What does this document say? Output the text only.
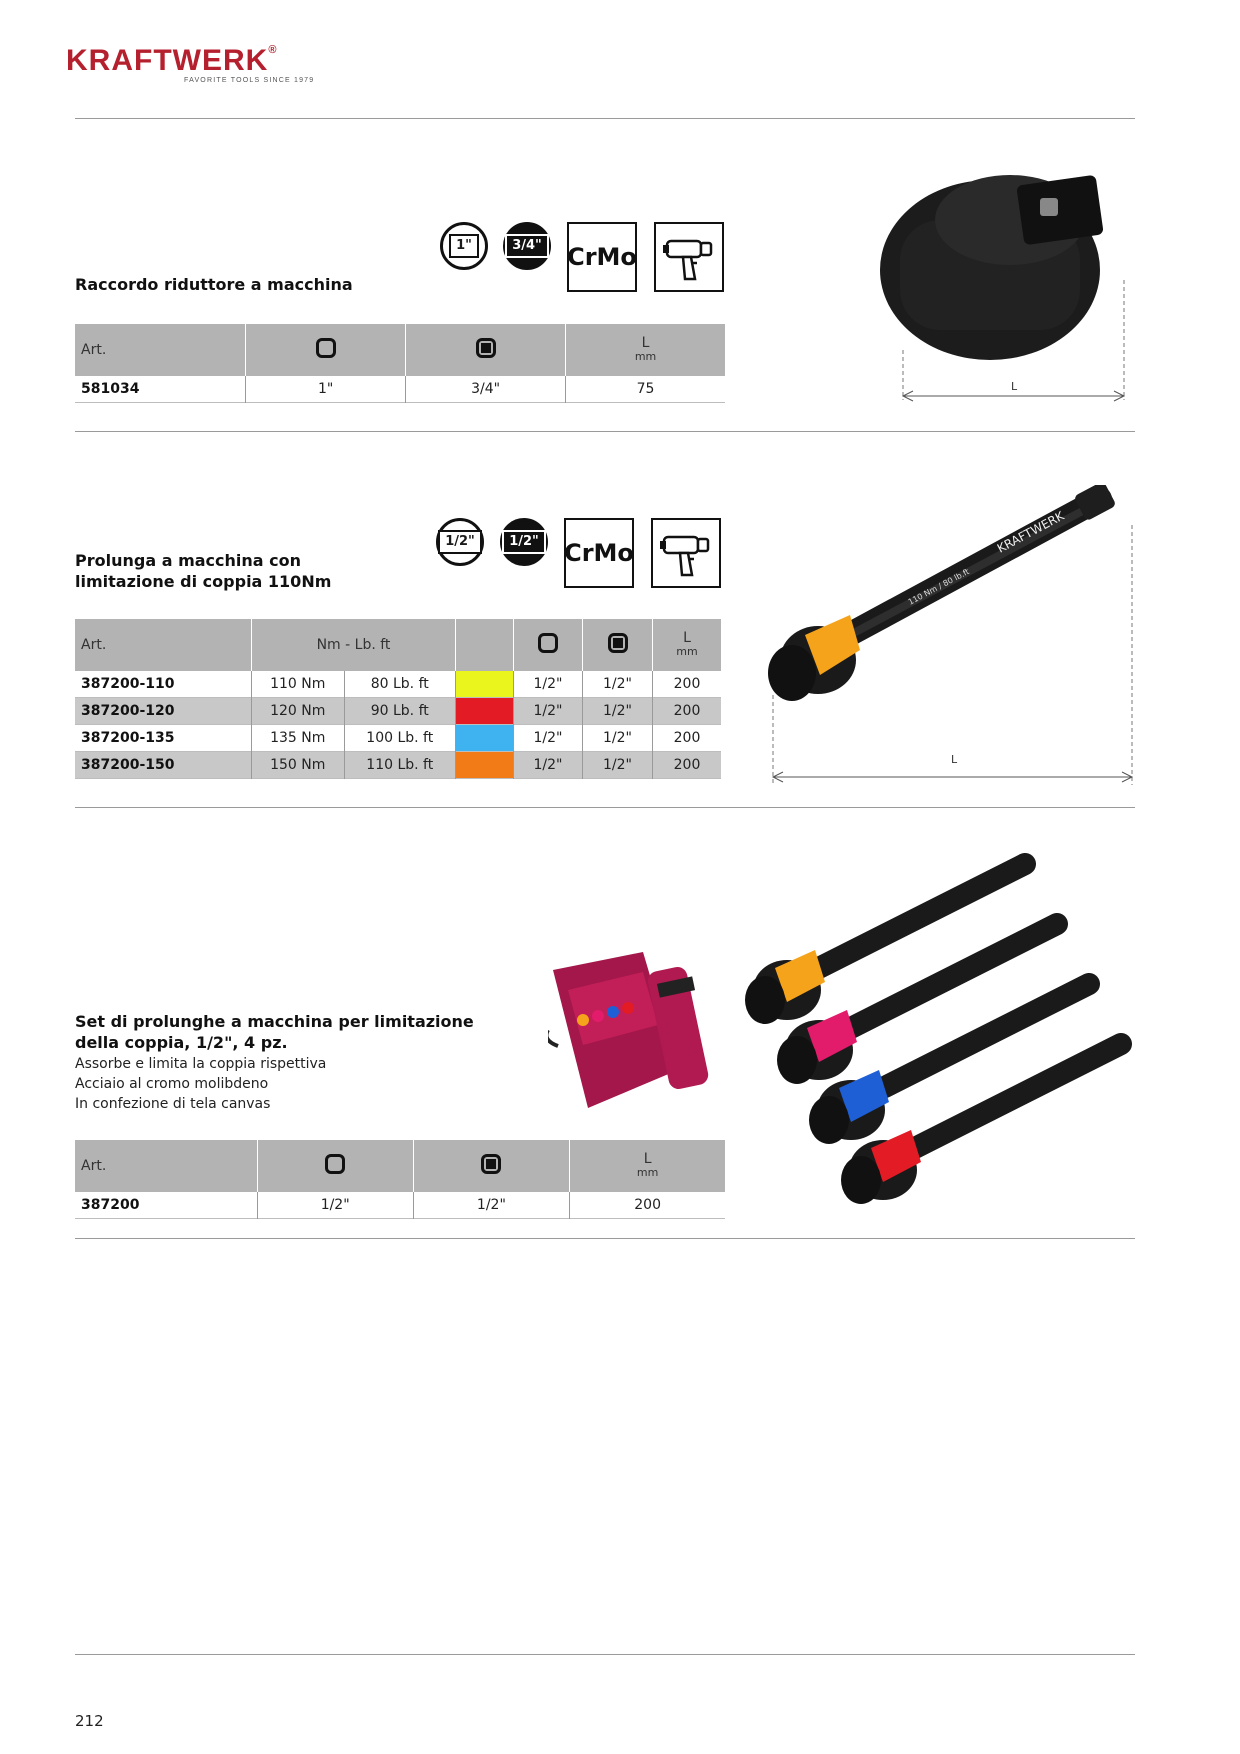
KRAFTWERK®
FAVORITE TOOLS SINCE 1979
Raccordo riduttore a macchina
1"	3/4" CrMo
Art.			L
mm

581034	1"	3/4"	75	L
Prolunga a macchina con
limitazione di coppia 110Nm
1/2"	1/2" CrMo
Art.	Nm - Lb. ft					L
mm

387200-110	110 Nm	80 Lb. ft		1/2"	1/2"	200
387200-120	120 Nm	90 Lb. ft		1/2"	1/2"	200
387200-135	135 Nm	100 Lb. ft		1/2"	1/2"	200
387200-150	150 Nm	110 Lb. ft		1/2"	1/2"	200
KRAFTWERK
110 Nm / 80 lb.ft
L
Set di prolunghe a macchina per limitazione
della coppia, 1/2", 4 pz.
Assorbe e limita la coppia rispettiva
Acciaio al cromo molibdeno
In confezione di tela canvas
Art.			L
mm

387200	1/2"	1/2"	200
212
